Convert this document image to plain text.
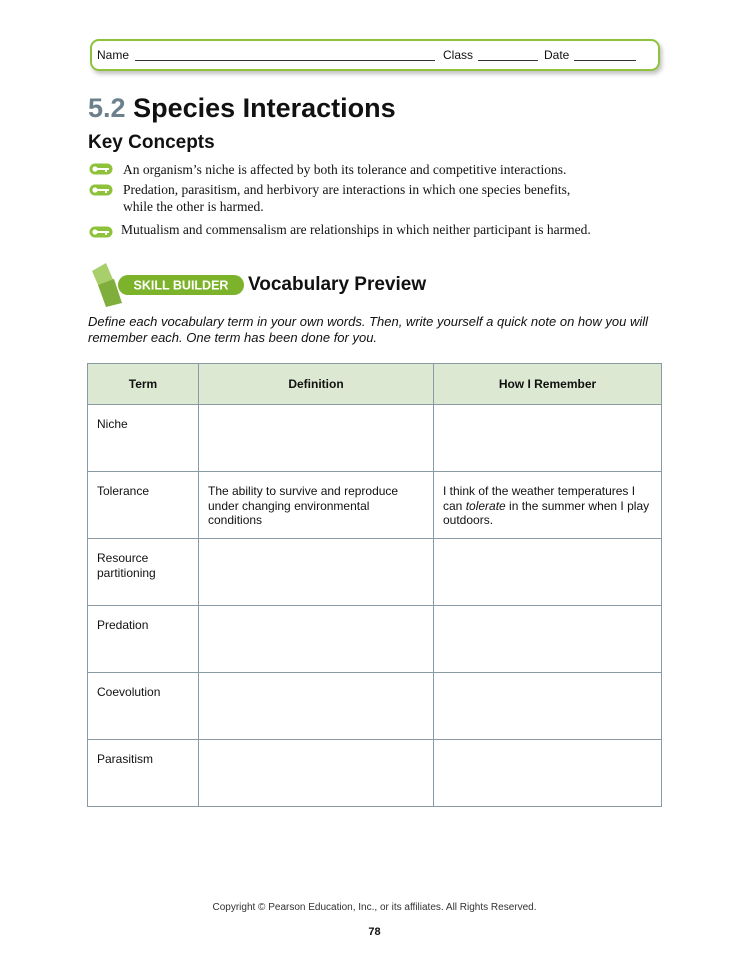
Name	Class	Date
5.2 Species Interactions
Key Concepts
An organism’s niche is affected by both its tolerance and competitive interactions.
Predation, parasitism, and herbivory are interactions in which one species benefits, while the other is harmed.
Mutualism and commensalism are relationships in which neither participant is harmed.
SKILL BUILDER Vocabulary Preview
Define each vocabulary term in your own words. Then, write yourself a quick note on how you will remember each. One term has been done for you.
Term	Definition	How I Remember

Niche		

Tolerance	The ability to survive and reproduce under changing environmental conditions	I think of the weather temperatures I can tolerate in the summer when I play outdoors.

Resource partitioning		

Predation		

Coevolution		

Parasitism		

Copyright © Pearson Education, Inc., or its affiliates. All Rights Reserved.
78
